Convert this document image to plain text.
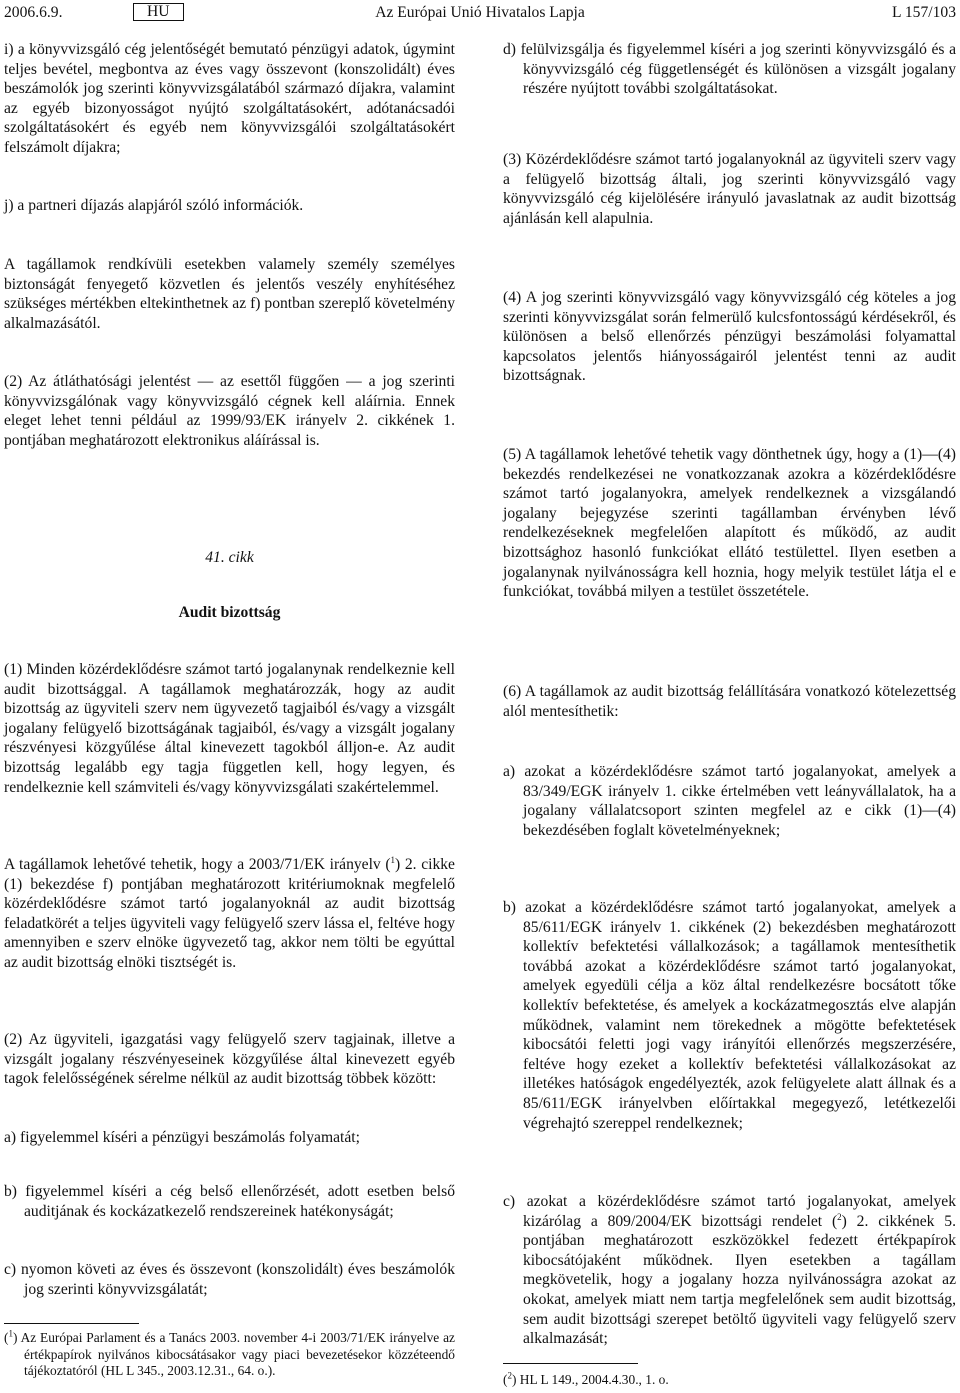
Az Európai Unió Hivatalos Lapja
2006.6.9.	HU	L 157/103

i) a könyvvizsgáló cég jelentőségét bemutató pénzügyi adatok, úgymint teljes bevétel, megbontva az éves vagy összevont (konszolidált) éves beszámolók jog szerinti könyvvizsgálatából származó díjakra, valamint az egyéb bizonyosságot nyújtó szolgáltatásokért, adótanácsadói szolgáltatásokért és egyéb nem könyvvizsgálói szolgáltatásokért felszámolt díjakra;

j) a partneri díjazás alapjáról szóló információk.

A tagállamok rendkívüli esetekben valamely személy személyes biztonságát fenyegető közvetlen és jelentős veszély enyhítéséhez szükséges mértékben eltekinthetnek az f) pontban szereplő követelmény alkalmazásától.

(2) Az átláthatósági jelentést — az esettől függően — a jog szerinti könyvvizsgálónak vagy könyvvizsgáló cégnek kell aláírnia. Ennek eleget lehet tenni például az 1999/93/EK irányelv 2. cikkének 1. pontjában meghatározott elektronikus aláírással is.

41. cikk
Audit bizottság

(1) Minden közérdeklődésre számot tartó jogalanynak rendelkeznie kell audit bizottsággal. A tagállamok meghatározzák, hogy az audit bizottság az ügyviteli szerv nem ügyvezető tagjaiból és/vagy a vizsgált jogalany felügyelő bizottságának tagjaiból, és/vagy a vizsgált jogalany részvényesi közgyűlése által kinevezett tagokból álljon-e. Az audit bizottság legalább egy tagja független kell, hogy legyen, és rendelkeznie kell számviteli és/vagy könyvvizsgálati szakértelemmel.

A tagállamok lehetővé tehetik, hogy a 2003/71/EK irányelv ($^1$) 2. cikke (1) bekezdése f) pontjában meghatározott kritériumoknak megfelelő közérdeklődésre számot tartó jogalanyoknál az audit bizottság feladatkörét a teljes ügyviteli vagy felügyelő szerv lássa el, feltéve hogy amennyiben e szerv elnöke ügyvezető tag, akkor nem tölti be egyúttal az audit bizottság elnöki tisztségét is.

(2) Az ügyviteli, igazgatási vagy felügyelő szerv tagjainak, illetve a vizsgált jogalany részvényeseinek közgyűlése által kinevezett egyéb tagok felelősségének sérelme nélkül az audit bizottság többek között:

a) figyelemmel kíséri a pénzügyi beszámolás folyamatát;

b) figyelemmel kíséri a cég belső ellenőrzését, adott esetben belső auditjának és kockázatkezelő rendszereinek hatékonyságát;

c) nyomon követi az éves és összevont (konszolidált) éves beszámolók jog szerinti könyvvizsgálatát;

($^1$) Az Európai Parlament és a Tanács 2003. november 4-i 2003/71/EK irányelve az értékpapírok nyilvános kibocsátásakor vagy piaci bevezetésekor közzéteendő tájékoztatóról (HL L 345., 2003.12.31., 64. o.).

d) felülvizsgálja és figyelemmel kíséri a jog szerinti könyvvizsgáló és a könyvvizsgáló cég függetlenségét és különösen a vizsgált jogalany részére nyújtott további szolgáltatásokat.

(3) Közérdeklődésre számot tartó jogalanyoknál az ügyviteli szerv vagy a felügyelő bizottság általi, jog szerinti könyvvizsgáló vagy könyvvizsgáló cég kijelölésére irányuló javaslatnak az audit bizottság ajánlásán kell alapulnia.

(4) A jog szerinti könyvvizsgáló vagy könyvvizsgáló cég köteles a jog szerinti könyvvizsgálat során felmerülő kulcsfontosságú kérdésekről, és különösen a belső ellenőrzés pénzügyi beszámolási folyamattal kapcsolatos jelentős hiányosságairól jelentést tenni az audit bizottságnak.

(5) A tagállamok lehetővé tehetik vagy dönthetnek úgy, hogy a (1)—(4) bekezdés rendelkezései ne vonatkozzanak azokra a közérdeklődésre számot tartó jogalanyokra, amelyek rendelkeznek a vizsgálandó jogalany bejegyzése szerinti tagállamban érvényben lévő rendelkezéseknek megfelelően alapított és működő, az audit bizottsághoz hasonló funkciókat ellátó testülettel. Ilyen esetben a jogalanynak nyilvánosságra kell hoznia, hogy melyik testület látja el e funkciókat, továbbá milyen a testület összetétele.

(6) A tagállamok az audit bizottság felállítására vonatkozó kötelezettség alól mentesíthetik:

a) azokat a közérdeklődésre számot tartó jogalanyokat, amelyek a 83/349/EGK irányelv 1. cikke értelmében vett leányvállalatok, ha a jogalany vállalatcsoport szinten megfelel az e cikk (1)—(4) bekezdésében foglalt követelményeknek;

b) azokat a közérdeklődésre számot tartó jogalanyokat, amelyek a 85/611/EGK irányelv 1. cikkének (2) bekezdésben meghatározott kollektív befektetési vállalkozások; a tagállamok mentesíthetik továbbá azokat a közérdeklődésre számot tartó jogalanyokat, amelyek egyedüli célja a köz által rendelkezésre bocsátott tőke kollektív befektetése, és amelyek a kockázatmegosztás elve alapján működnek, valamint nem törekednek a mögötte befektetések kibocsátói feletti jogi vagy irányítói ellenőrzés megszerzésére, feltéve hogy ezeket a kollektív befektetési vállalkozásokat az illetékes hatóságok engedélyezték, azok felügyelete alatt állnak és a 85/611/EGK irányelvben előírtakkal megegyező, letétkezelői végrehajtó szereppel rendelkeznek;

c) azokat a közérdeklődésre számot tartó jogalanyokat, amelyek kizárólag a 809/2004/EK bizottsági rendelet ($^2$) 2. cikkének 5. pontjában meghatározott eszközökkel fedezett értékpapírok kibocsátójaként működnek. Ilyen esetekben a tagállam megkövetelik, hogy a jogalany hozza nyilvánosságra azokat az okokat, amelyek miatt nem tartja megfelelőnek sem audit bizottság, sem audit bizottsági szerepet betöltő ügyviteli vagy felügyelő szerv alkalmazását;

($^2$) HL L 149., 2004.4.30., 1. o.
